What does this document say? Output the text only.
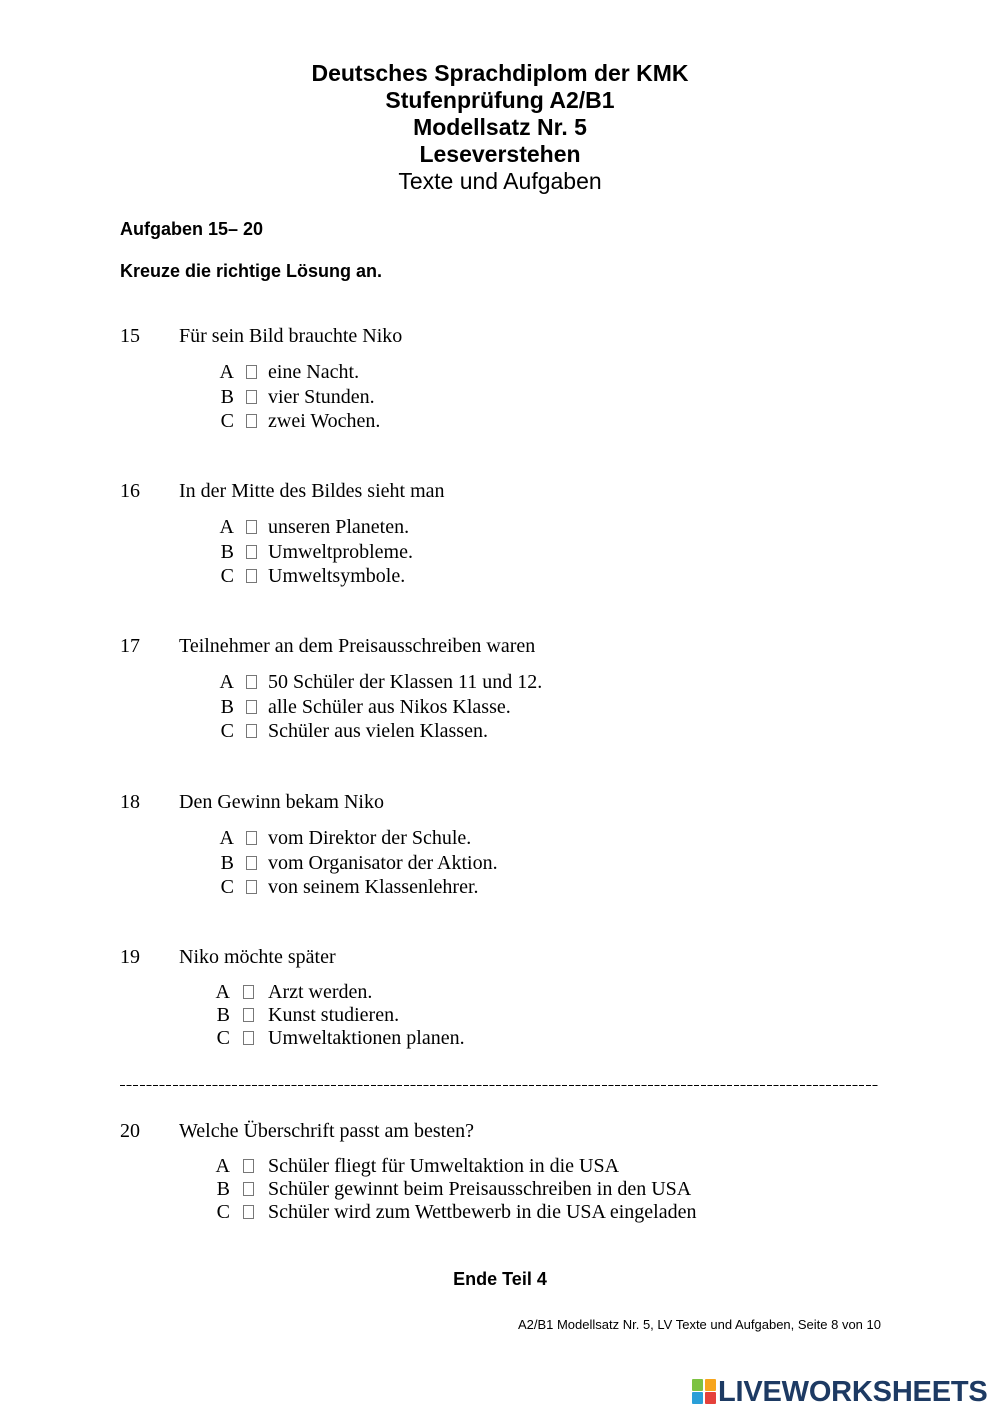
Deutsches Sprachdiplom der KMK
Stufenprüfung A2/B1
Modellsatz Nr. 5
Leseverstehen
Texte und Aufgaben
Aufgaben 15– 20
Kreuze die richtige Lösung an.
15 Für sein Bild brauchte Niko
A eine Nacht.
B vier Stunden.
C zwei Wochen.
16 In der Mitte des Bildes sieht man
A unseren Planeten.
B Umweltprobleme.
C Umweltsymbole.
17 Teilnehmer an dem Preisausschreiben waren
A 50 Schüler der Klassen 11 und 12.
B alle Schüler aus Nikos Klasse.
C Schüler aus vielen Klassen.
18 Den Gewinn bekam Niko
A vom Direktor der Schule.
B vom Organisator der Aktion.
C von seinem Klassenlehrer.
19 Niko möchte später
A Arzt werden.
B Kunst studieren.
C Umweltaktionen planen.
20 Welche Überschrift passt am besten?
A Schüler fliegt für Umweltaktion in die USA
B Schüler gewinnt beim Preisausschreiben in den USA
C Schüler wird zum Wettbewerb in die USA eingeladen
Ende Teil 4
A2/B1 Modellsatz Nr. 5, LV Texte und Aufgaben, Seite 8 von 10
LIVEWORKSHEETS
